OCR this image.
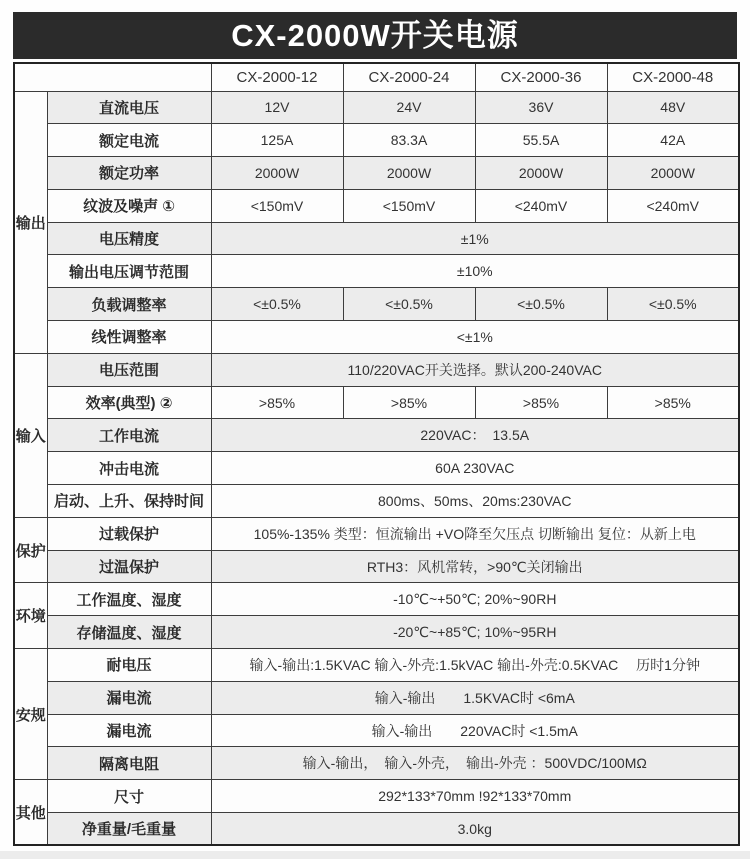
CX-2000W开关电源
		CX-2000-12	CX-2000-24	CX-2000-36	CX-2000-48
输出	直流电压	12V	24V	36V	48V
	额定电流	125A	83.3A	55.5A	42A
	额定功率	2000W	2000W	2000W	2000W
	纹波及噪声 ①	<150mV	<150mV	<240mV	<240mV
	电压精度	±1%			
	输出电压调节范围	±10%			
	负载调整率	<±0.5%	<±0.5%	<±0.5%	<±0.5%
	线性调整率	<±1%			
输入	电压范围	110/220VAC开关选择。默认200-240VAC			
	效率(典型) ②	>85%	>85%	>85%	>85%
	工作电流	220VAC：　13.5A			
	冲击电流	60A 230VAC			
	启动、上升、保持时间	800ms、50ms、20ms:230VAC			
保护	过载保护	105%-135% 类型：恒流输出 +VO降至欠压点 切断输出 复位：从新上电			
	过温保护	RTH3：风机常转，>90℃关闭输出			
环境	工作温度、湿度	-10℃~+50℃; 20%~90RH			
	存储温度、湿度	-20℃~+85℃; 10%~95RH			
安规	耐电压	输入-输出:1.5KVAC 输入-外壳:1.5kVAC 输出-外壳:0.5KVAC　 历时1分钟			
	漏电流	输入-输出　　1.5KVAC时 <6mA			
	漏电流	输入-输出　　220VAC时 <1.5mA			
	隔离电阻	输入-输出，　输入-外壳，　输出-外壳 ：500VDC/100MΩ			
其他	尺寸	292*133*70mm !92*133*70mm			
	净重量/毛重量	3.0kg			
